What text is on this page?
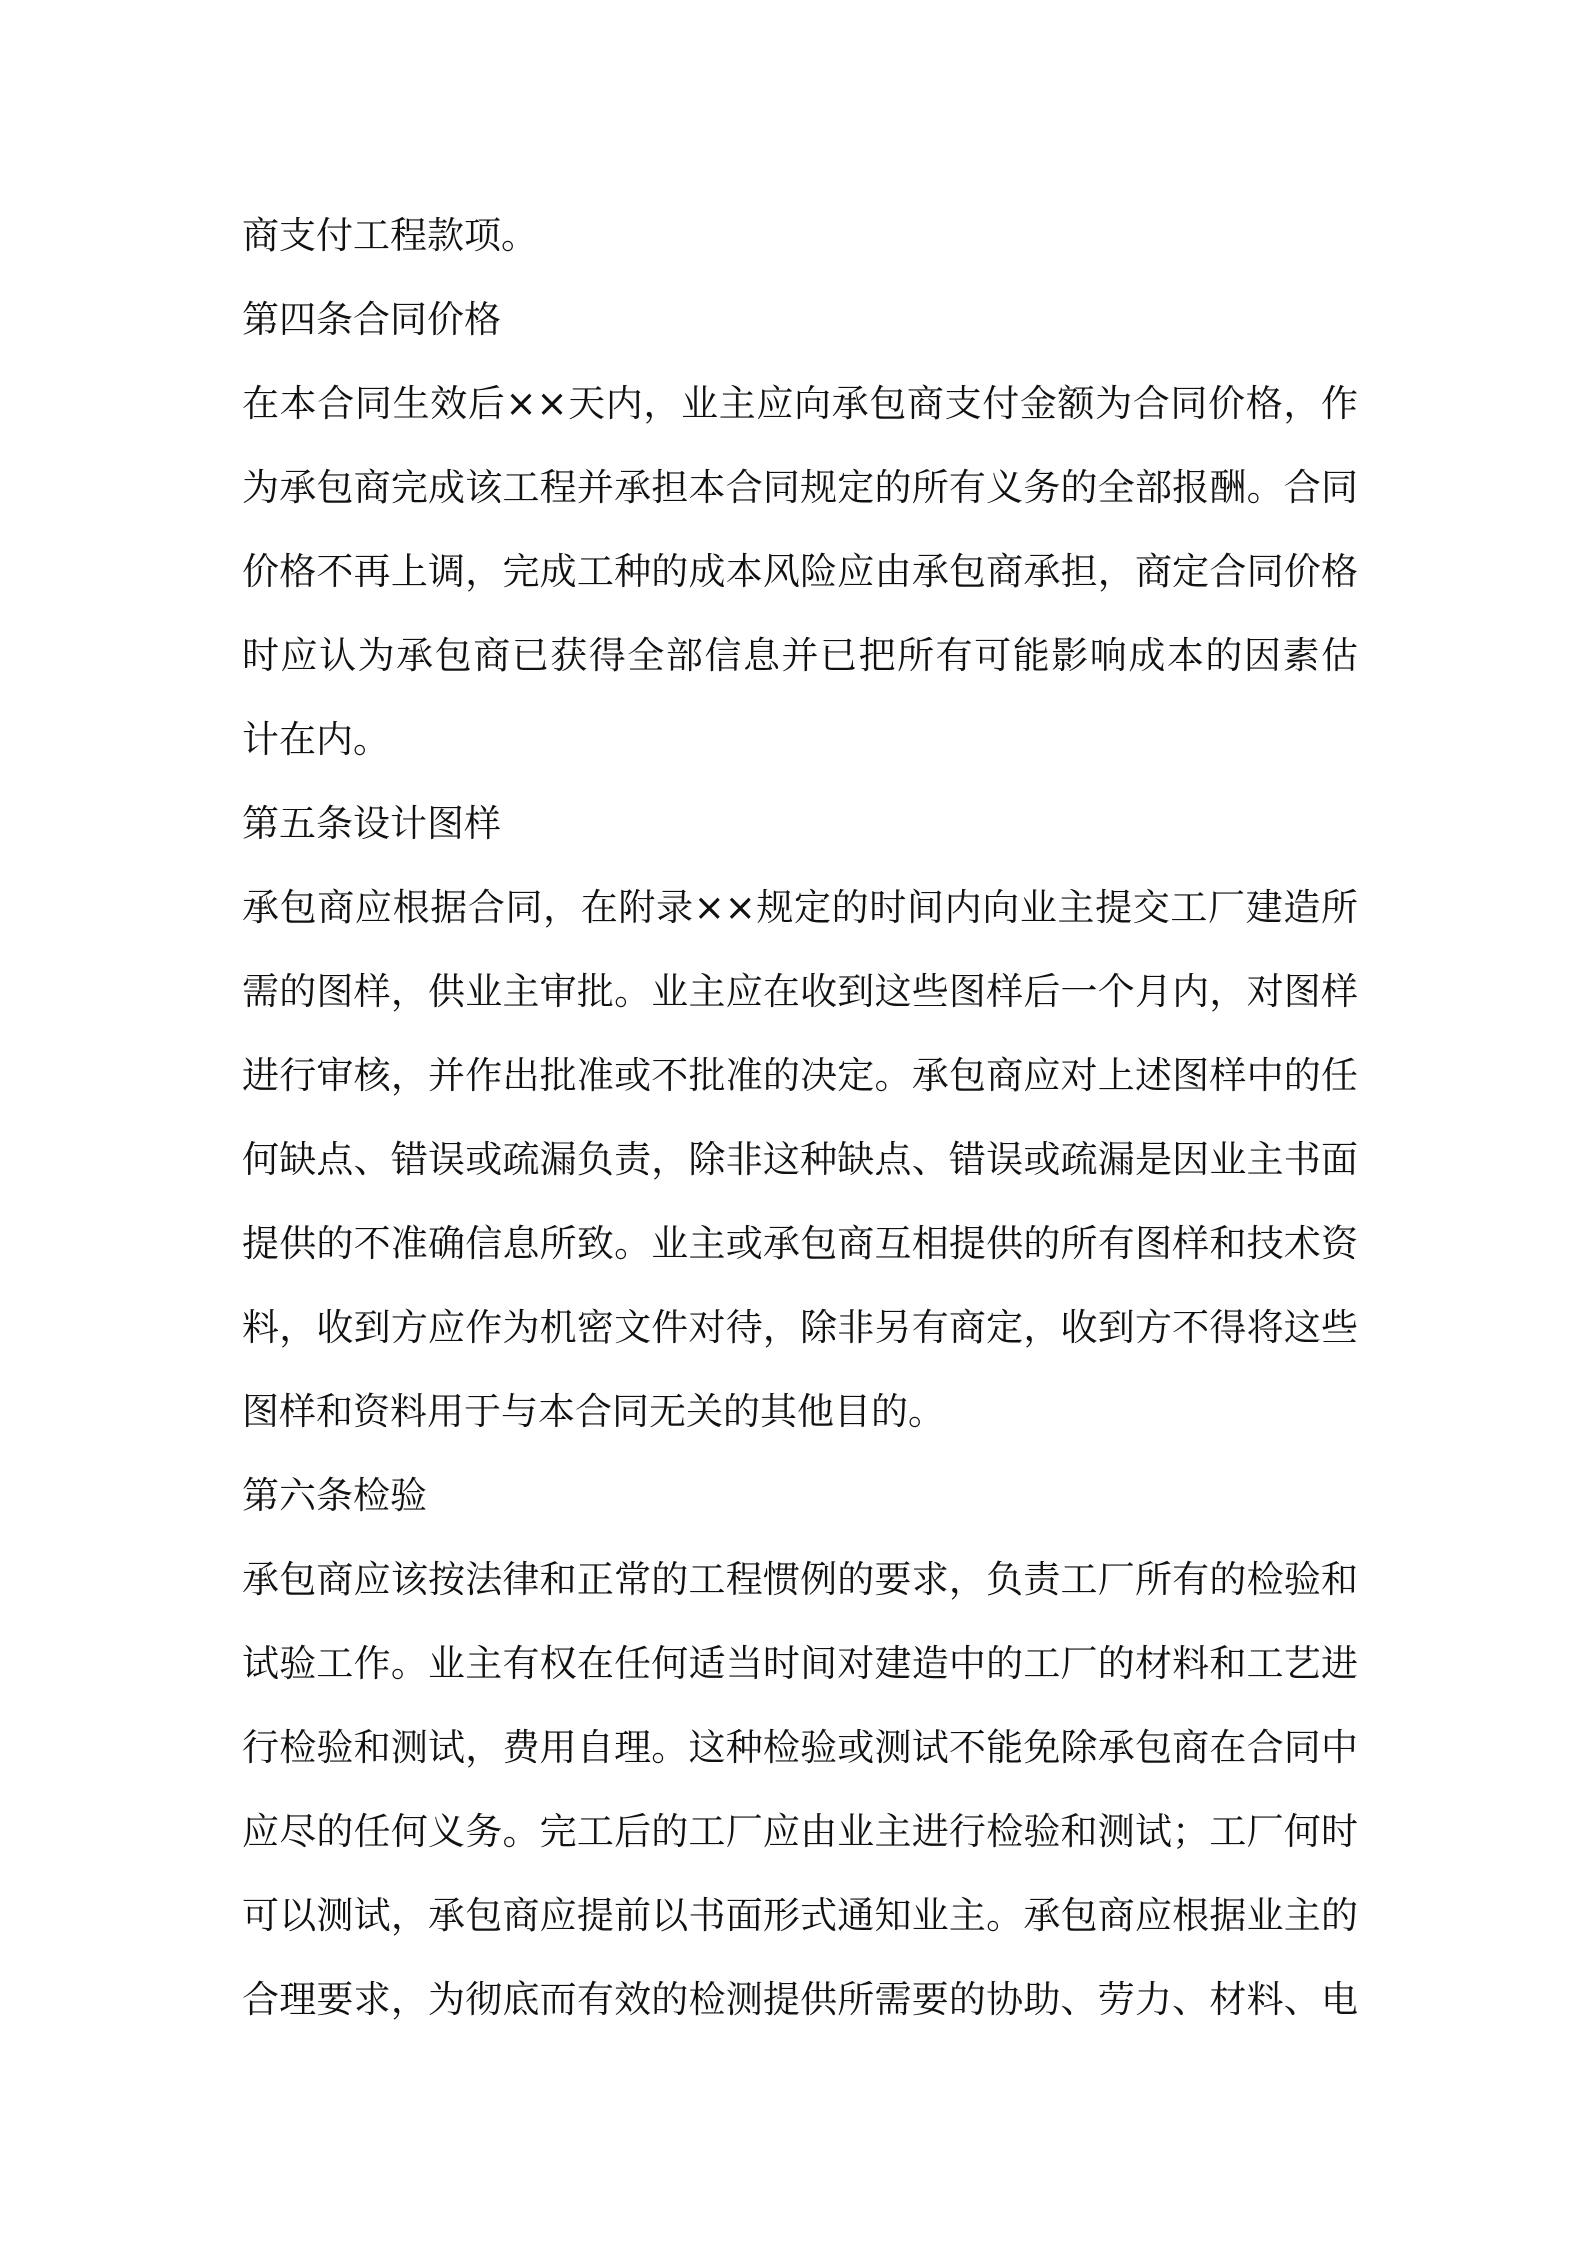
商支付工程款项。
第四条合同价格
在本合同生效后××天内，业主应向承包商支付金额为合同价格，作
为承包商完成该工程并承担本合同规定的所有义务的全部报酬。合同
价格不再上调，完成工种的成本风险应由承包商承担，商定合同价格
时应认为承包商已获得全部信息并已把所有可能影响成本的因素估
计在内。
第五条设计图样
承包商应根据合同，在附录××规定的时间内向业主提交工厂建造所
需的图样，供业主审批。业主应在收到这些图样后一个月内，对图样
进行审核，并作出批准或不批准的决定。承包商应对上述图样中的任
何缺点、错误或疏漏负责，除非这种缺点、错误或疏漏是因业主书面
提供的不准确信息所致。业主或承包商互相提供的所有图样和技术资
料，收到方应作为机密文件对待，除非另有商定，收到方不得将这些
图样和资料用于与本合同无关的其他目的。
第六条检验
承包商应该按法律和正常的工程惯例的要求，负责工厂所有的检验和
试验工作。业主有权在任何适当时间对建造中的工厂的材料和工艺进
行检验和测试，费用自理。这种检验或测试不能免除承包商在合同中
应尽的任何义务。完工后的工厂应由业主进行检验和测试；工厂何时
可以测试，承包商应提前以书面形式通知业主。承包商应根据业主的
合理要求，为彻底而有效的检测提供所需要的协助、劳力、材料、电
